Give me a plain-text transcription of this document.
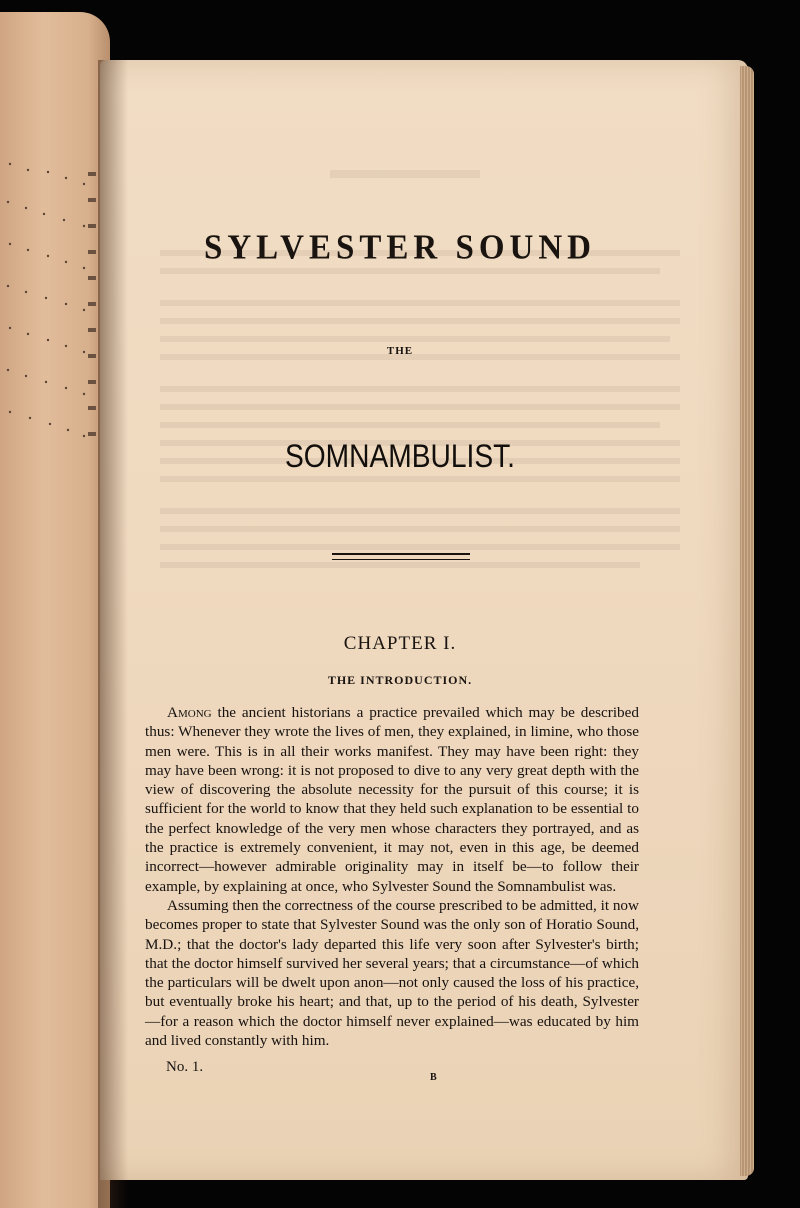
SYLVESTER SOUND
THE
SOMNAMBULIST.
CHAPTER I.
THE INTRODUCTION.

Among the ancient historians a practice prevailed which may be described thus: Whenever they wrote the lives of men, they explained, in limine, who those men were. This is in all their works manifest. They may have been right: they may have been wrong: it is not proposed to dive to any very great depth with the view of discovering the absolute necessity for the pursuit of this course; it is sufficient for the world to know that they held such explanation to be essential to the perfect knowledge of the very men whose characters they portrayed, and as the practice is extremely convenient, it may not, even in this age, be deemed incorrect—however admirable originality may in itself be—to follow their example, by explaining at once, who Sylvester Sound the Somnambulist was.

Assuming then the correctness of the course prescribed to be admitted, it now becomes proper to state that Sylvester Sound was the only son of Horatio Sound, M.D.; that the doctor's lady departed this life very soon after Sylvester's birth; that the doctor himself survived her several years; that a circumstance—of which the particulars will be dwelt upon anon—not only caused the loss of his practice, but eventually broke his heart; and that, up to the period of his death, Sylvester—for a reason which the doctor himself never explained—was educated by him and lived constantly with him.

No. 1.
B
